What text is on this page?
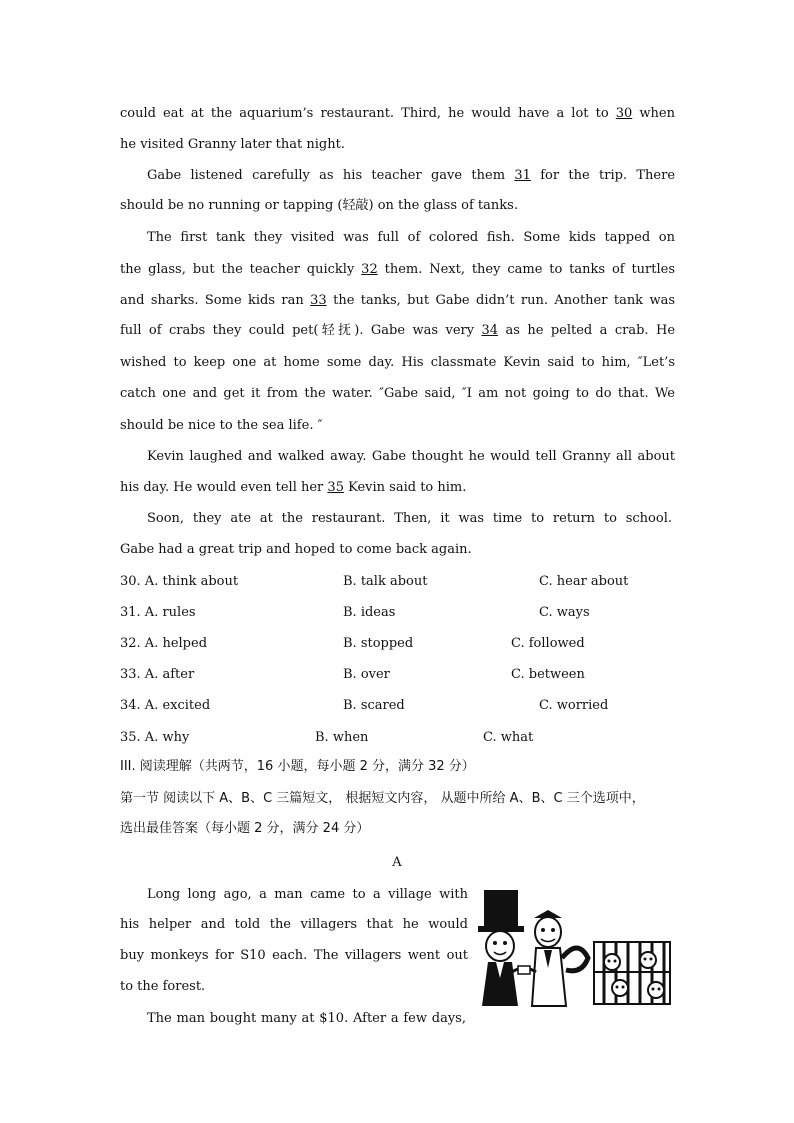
could eat at the aquarium’s restaurant. Third, he would have a lot to 30 when
he visited Granny later that night.
Gabe listened carefully as his teacher gave them 31 for the trip. There
should be no running or tapping (轻敲) on the glass of tanks.
The first tank they visited was full of colored fish. Some kids tapped on
the glass, but the teacher quickly 32 them. Next, they came to tanks of turtles
and sharks. Some kids ran 33 the tanks, but Gabe didn’t run. Another tank was
full of crabs they could pet(轻抚). Gabe was very 34 as he pelted a crab. He
wished to keep one at home some day. His classmate Kevin said to him, ″Let’s
catch one and get it from the water. ″Gabe said, ″I am not going to do that. We
should be nice to the sea life. ″
Kevin laughed and walked away. Gabe thought he would tell Granny all about
his day. He would even tell her 35 Kevin said to him.
Soon, they ate at the restaurant. Then, it was time to return to school.
Gabe had a great trip and hoped to come back again.
30. A. think about	B. talk about	C. hear about
31. A. rules	B. ideas	C. ways
32. A. helped	B. stopped	C. followed
33. A. after	B. over	C. between
34. A. excited	B. scared	C. worried
35. A. why	B. when	C. what
III. 阅读理解（共两节，16 小题，每小题 2 分，满分 32 分）
第一节 阅读以下 A、B、C 三篇短文， 根据短文内容， 从题中所给 A、B、C 三个选项中，
选出最佳答案（每小题 2 分，满分 24 分）
A
Long long ago, a man came to a village with
his helper and told the villagers that he would
buy monkeys for S10 each. The villagers went out
to the forest.
The man bought many at $10. After a few days,
